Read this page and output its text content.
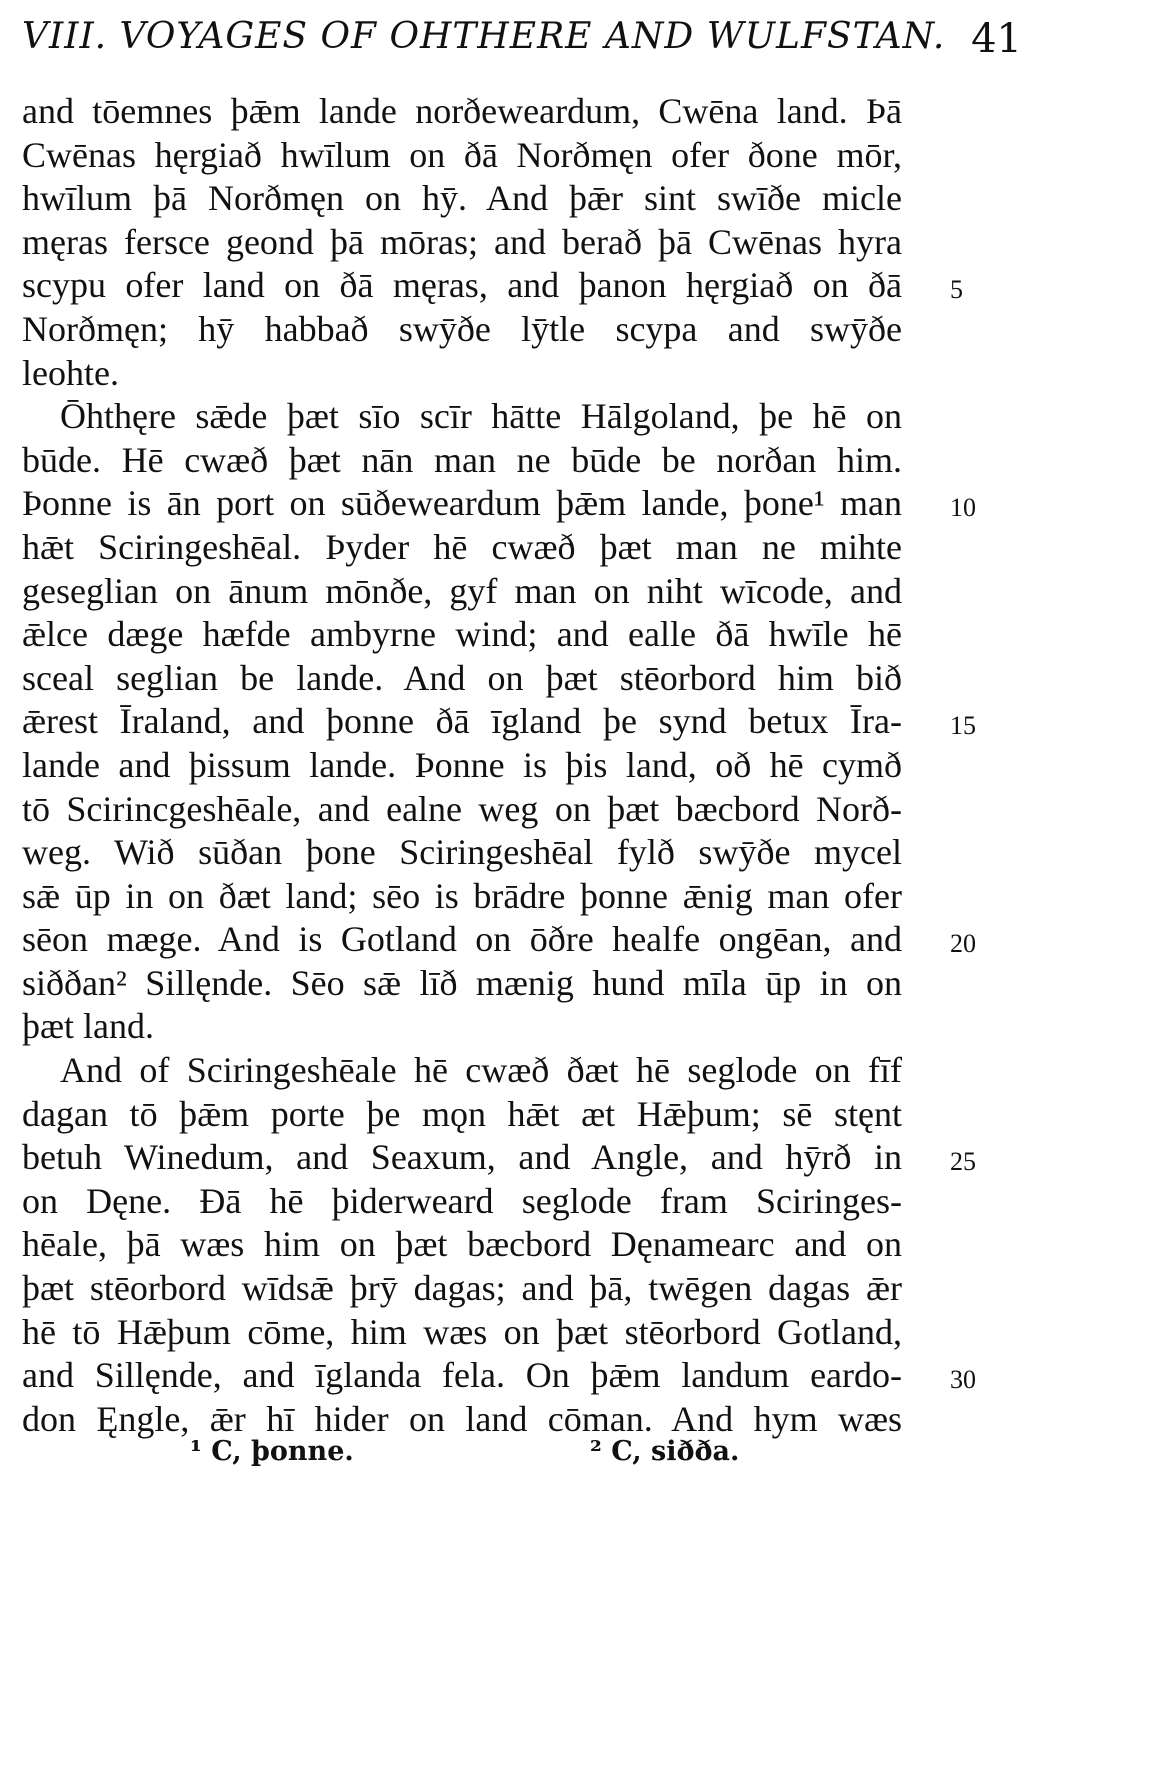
VIII. VOYAGES OF OHTHERE AND WULFSTAN. 41
and tōemnes þǣm lande norðeweardum, Cwēna land. Þā
Cwēnas hęrgiað hwīlum on ðā Norðmęn ofer ðone mōr,
hwīlum þā Norðmęn on hȳ. And þǣr sint swīðe micle
męras fersce geond þā mōras; and berað þā Cwēnas hyra
scypu ofer land on ðā męras, and þanon hęrgiað on ðā 5
Norðmęn; hȳ habbað swȳðe lȳtle scypa and swȳðe
leohte.
Ōhthęre sǣde þæt sīo scīr hātte Hālgoland, þe hē on
būde. Hē cwæð þæt nān man ne būde be norðan him.
Þonne is ān port on sūðeweardum þǣm lande, þone¹ man 10
hǣt Sciringeshēal. Þyder hē cwæð þæt man ne mihte
geseglian on ānum mōnðe, gyf man on niht wīcode, and
ǣlce dæge hæfde ambyrne wind; and ealle ðā hwīle hē
sceal seglian be lande. And on þæt stēorbord him bið
ǣrest Īraland, and þonne ðā īgland þe synd betux Īra- 15
lande and þissum lande. Þonne is þis land, oð hē cymð
tō Scirincgeshēale, and ealne weg on þæt bæcbord Norð-
weg. Wið sūðan þone Sciringeshēal fylð swȳðe mycel
sǣ ūp in on ðæt land; sēo is brādre þonne ǣnig man ofer
sēon mæge. And is Gotland on ōðre healfe ongēan, and 20
siððan² Sillęnde. Sēo sǣ līð mænig hund mīla ūp in on
þæt land.
And of Sciringeshēale hē cwæð ðæt hē seglode on fīf
dagan tō þǣm porte þe mǫn hǣt æt Hǣþum; sē stęnt
betuh Winedum, and Seaxum, and Angle, and hȳrð in 25
on Dęne. Ðā hē þiderweard seglode fram Sciringes-
hēale, þā wæs him on þæt bæcbord Dęnamearc and on
þæt stēorbord wīdsǣ þrȳ dagas; and þā, twēgen dagas ǣr
hē tō Hǣþum cōme, him wæs on þæt stēorbord Gotland,
and Sillęnde, and īglanda fela. On þǣm landum eardo- 30
don Ęngle, ǣr hī hider on land cōman. And hym wæs
¹ C, þonne.	² C, siðða.
